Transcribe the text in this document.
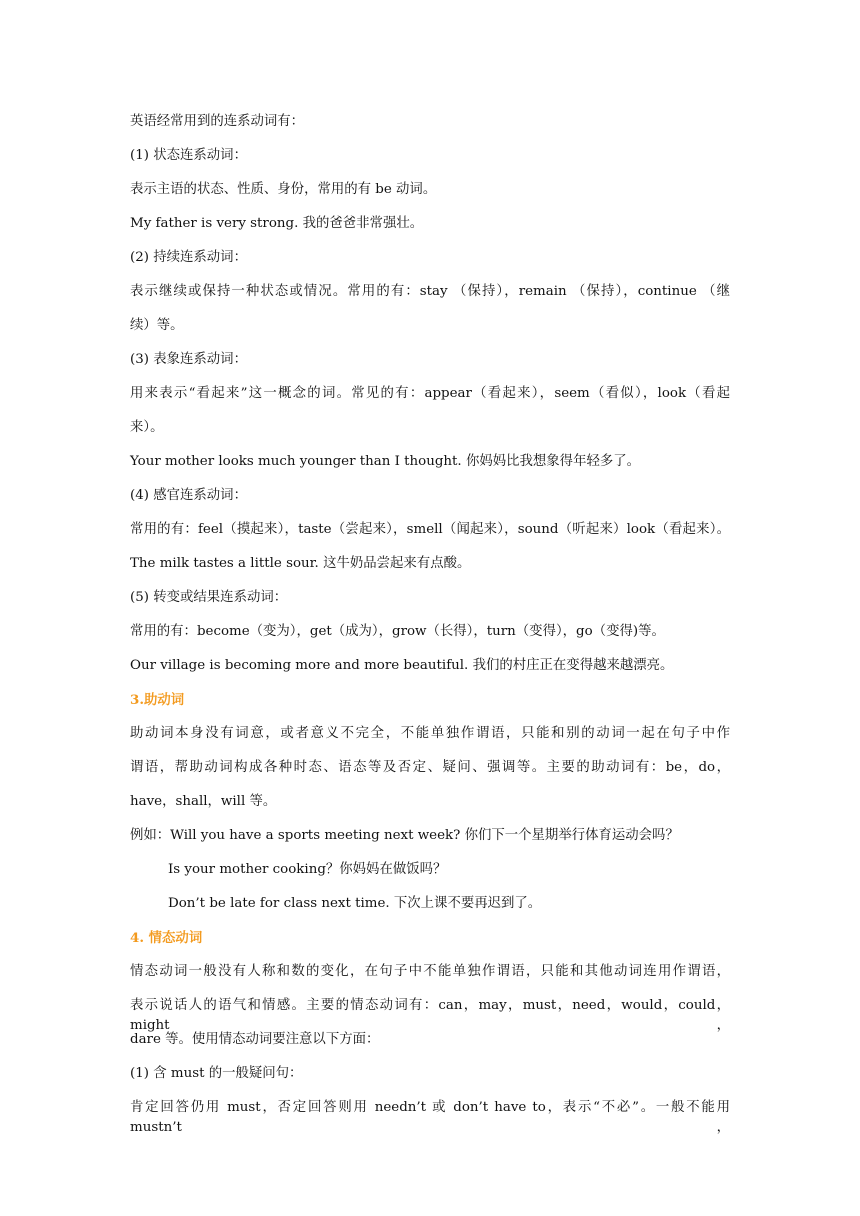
英语经常用到的连系动词有：
(1) 状态连系动词：
表示主语的状态、性质、身份，常用的有 be 动词。
My father is very strong. 我的爸爸非常强壮。
(2) 持续连系动词：
表示继续或保持一种状态或情况。常用的有：stay （保持），remain （保持），continue （继
续）等。
(3) 表象连系动词：
用来表示“看起来”这一概念的词。常见的有：appear（看起来），seem（看似），look（看起
来）。
Your mother looks much younger than I thought. 你妈妈比我想象得年轻多了。
(4) 感官连系动词：
常用的有：feel（摸起来），taste（尝起来），smell（闻起来），sound（听起来）look（看起来）。
The milk tastes a little sour. 这牛奶品尝起来有点酸。
(5) 转变或结果连系动词：
常用的有：become（变为），get（成为），grow（长得），turn（变得），go（变得)等。
Our village is becoming more and more beautiful. 我们的村庄正在变得越来越漂亮。
3.助动词
助动词本身没有词意，或者意义不完全，不能单独作谓语，只能和别的动词一起在句子中作
谓语，帮助动词构成各种时态、语态等及否定、疑问、强调等。主要的助动词有：be，do，
have，shall，will 等。
例如：Will you have a sports meeting next week? 你们下一个星期举行体育运动会吗？
Is your mother cooking？你妈妈在做饭吗？
Don’t be late for class next time. 下次上课不要再迟到了。
4. 情态动词
情态动词一般没有人称和数的变化，在句子中不能单独作谓语，只能和其他动词连用作谓语，
表示说话人的语气和情感。主要的情态动词有：can，may，must，need，would，could，might，
dare 等。使用情态动词要注意以下方面：
(1) 含 must 的一般疑问句：
肯定回答仍用 must，否定回答则用 needn’t 或 don’t have to，表示“不必”。一般不能用 mustn’t，
